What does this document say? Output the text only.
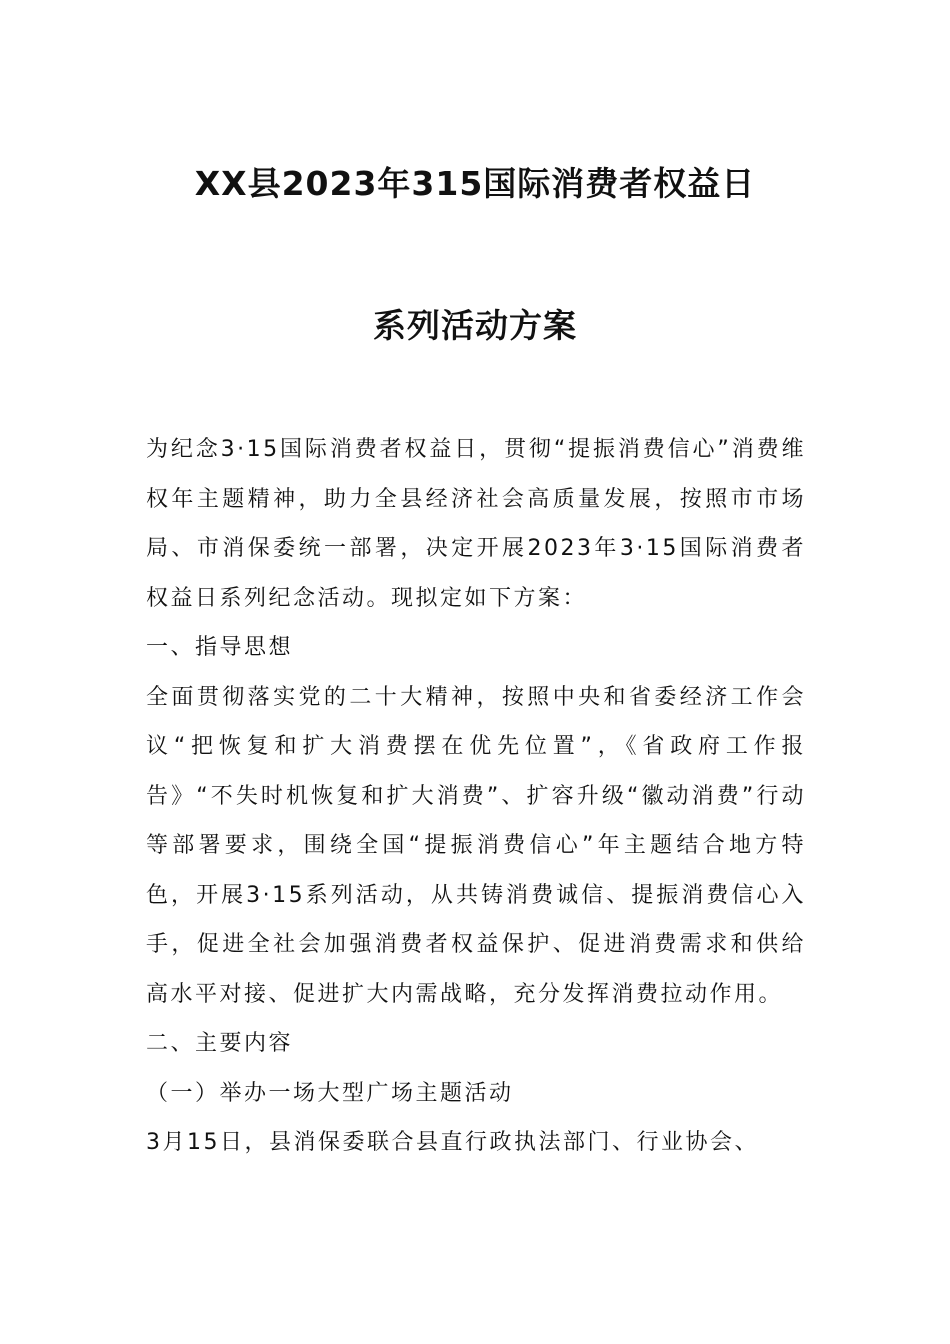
XX县2023年315国际消费者权益日
系列活动方案

为纪念3·15国际消费者权益日，贯彻“提振消费信心”消费维权年主题精神，助力全县经济社会高质量发展，按照市市场局、市消保委统一部署，决定开展2023年3·15国际消费者权益日系列纪念活动。现拟定如下方案：

一、指导思想

全面贯彻落实党的二十大精神，按照中央和省委经济工作会议“把恢复和扩大消费摆在优先位置”，《省政府工作报告》“不失时机恢复和扩大消费”、扩容升级“徽动消费”行动等部署要求，围绕全国“提振消费信心”年主题结合地方特色，开展3·15系列活动，从共铸消费诚信、提振消费信心入手，促进全社会加强消费者权益保护、促进消费需求和供给高水平对接、促进扩大内需战略，充分发挥消费拉动作用。

二、主要内容

（一）举办一场大型广场主题活动

3月15日，县消保委联合县直行政执法部门、行业协会、
